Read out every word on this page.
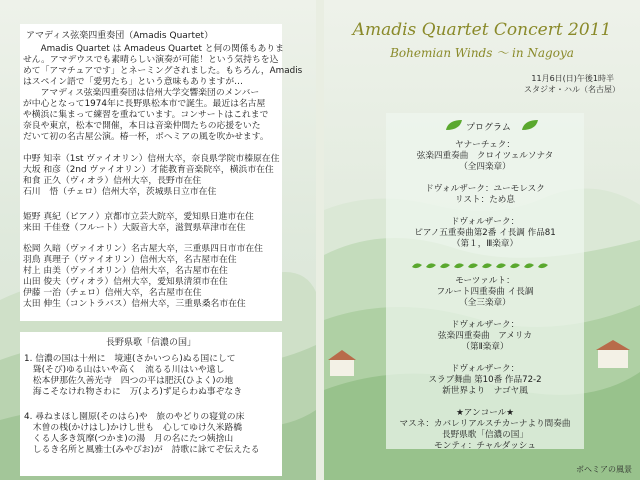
アマディス弦楽四重奏団（Amadis Quartet）
　　Amadis Quartet は Amadeus Quartet と何の関係もありま
せん。アマデウスでも素晴らしい演奏が可能！という気持ちを込
めて「アマチュアです」とネーミングされました。もちろん，Amadis
はスペイン語で「愛男たち」という意味もありますが…
　　アマディス弦楽四重奏団は信州大学交響楽団のメンバー
が中心となって1974年に長野県松本市で誕生。最近は名古屋
や横浜に集まって練習を重ねています。コンサートはこれまで
奈良や東京，松本で開催，本日は音楽仲間たちの応援をいた
だいて初の名古屋公演。椿一杯，ボヘミアの風を吹かせます。
中野 知幸（1st ヴァイオリン）信州大卒，奈良県学院市榛原在住
大坂 和彦（2nd ヴァイオリン）才能教育音楽院卒，横浜市在住
和食 正久（ヴィオラ）信州大卒，長野市在住
石川　悟（チェロ）信州大卒，茨城県日立市在住
姫野 真紀（ピアノ）京都市立芸大院卒，愛知県日進市在住
来田 千佳登（フルート）大阪音大卒，滋賀県草津市在住
松岡 久暗（ヴァイオリン）名古屋大卒，三重県四日市市在住
羽鳥 真理子（ヴァイオリン）信州大卒，名古屋市在住
村上 由美（ヴァイオリン）信州大卒，名古屋市在住
山田 俊夫（ヴィオラ）信州大卒，愛知県清須市在住
伊藤 一治（チェロ）信州大卒，名古屋市在住
太田 伸生（コントラバス）信州大卒，三重県桑名市在住
長野県歌「信濃の国」
1. 信濃の国は十州に　境連(さかいつら)ぬる国にして
　聳(そび)ゆる山はいや高く　流るる川はいや遠し
　松本伊那佐久善光寺　四つの平は肥沃(ひよく)の地
　海こそなけれ物さわに　万(よろ)ず足らわぬ事ぞなき
4. 尋ねまほし園原(そのはら)や　旅のやどりの寝覚の床
　木曽の桟(かけはし)かけし世も　心してゆけ久米路橋
　くる人多き筑摩(つかま)の湯　月の名にたつ姨捨山
　しるき名所と風雅士(みやびお)が　詩歌に詠てぞ伝えたる
Amadis Quartet Concert 2011
Bohemian Winds ～ in Nagoya
11月6日(日)午後1時半
スタジオ・ハル（名古屋）
プログラム
ヤナーチェク：
弦楽四重奏曲　クロイツェルソナタ
（全四楽章）

ドヴォルザーク：ユーモレスク
リスト：ため息

ドヴォルザーク：
ピアノ五重奏曲第2番 イ長調 作品81
（第１，Ⅲ楽章）
モーツァルト：
フルート四重奏曲 イ長調
（全三楽章）

ドヴォルザーク：
弦楽四重奏曲　アメリカ
（第Ⅱ楽章）

ドヴォルザーク：
スラブ舞曲 第10番 作品72-2
新世界より　ナゴヤ風

★アンコール★
マスネ：カバレリアルスチカーナより間奏曲
長野県歌「信濃の国」
モンティ：チャルダッシュ
ボヘミアの風景
